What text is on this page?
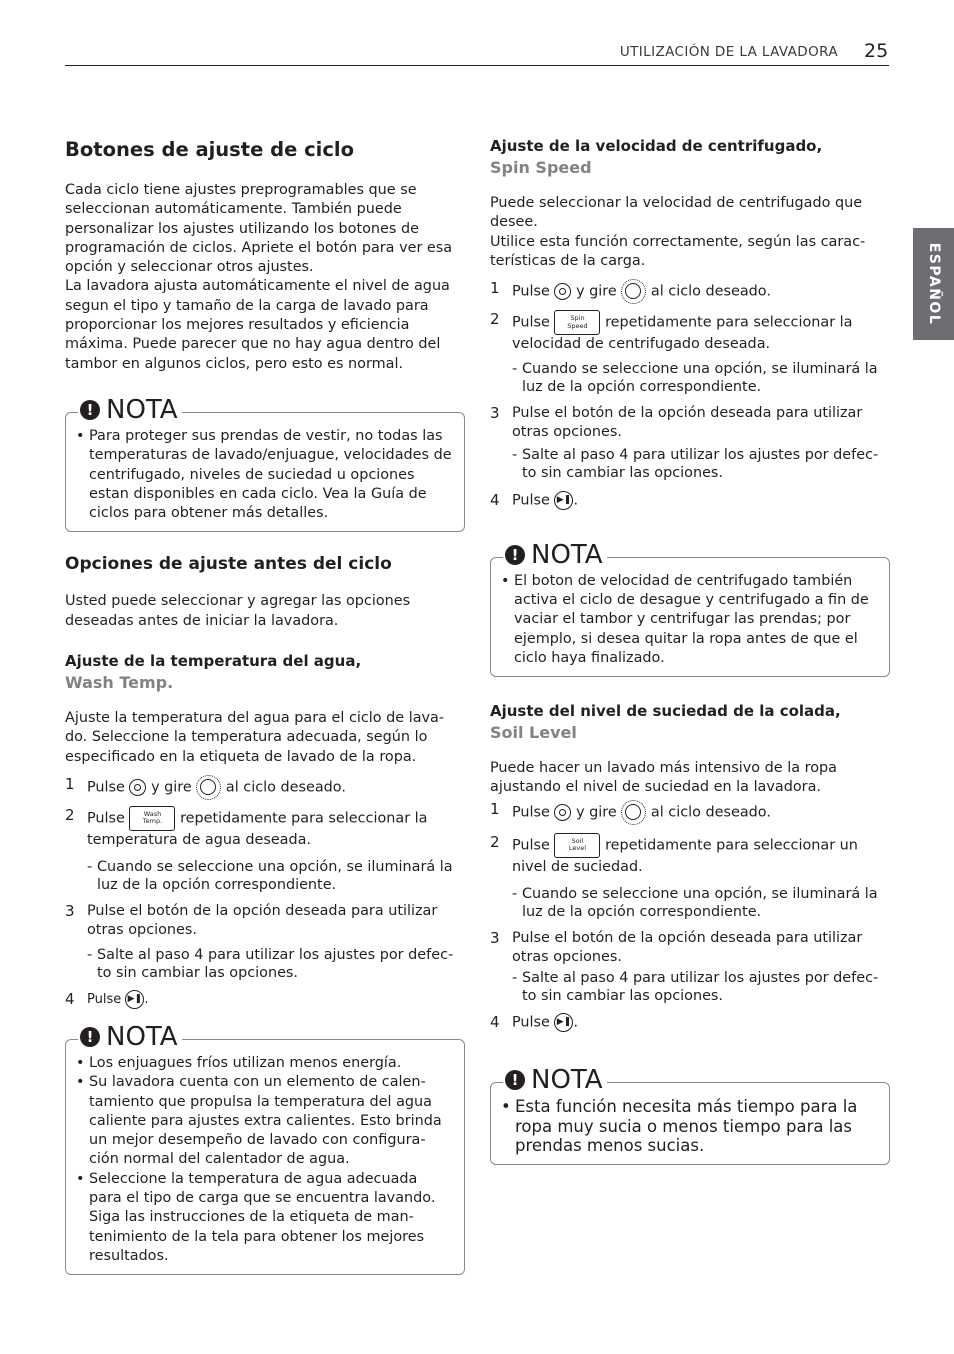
UTILIZACIÓN DE LA LAVADORA 25
ESPAÑOL
Botones de ajuste de ciclo

Cada ciclo tiene ajustes preprogramables que se seleccionan automáticamente. También puede personalizar los ajustes utilizando los botones de programación de ciclos. Apriete el botón para ver esa opción y seleccionar otros ajustes.

La lavadora ajusta automáticamente el nivel de agua segun el tipo y tamaño de la carga de lavado para proporcionar los mejores resultados y eficiencia máxima. Puede parecer que no hay agua dentro del tambor en algunos ciclos, pero esto es normal.

! NOTA
• Para proteger sus prendas de vestir, no todas las temperaturas de lavado/enjuague, velocidades de centrifugado, niveles de suciedad u opciones estan disponibles en cada ciclo. Vea la Guía de ciclos para obtener más detalles.
Opciones de ajuste antes del ciclo

Usted puede seleccionar y agregar las opciones deseadas antes de iniciar la lavadora.

Ajuste de la temperatura del agua,
Wash Temp.

Ajuste la temperatura del agua para el ciclo de lava-do. Seleccione la temperatura adecuada, según lo especificado en la etiqueta de lavado de la ropa.

1 Pulse y gire al ciclo deseado.
2 Pulse	Wash
Temp. repetidamente para seleccionar la temperatura de agua deseada.
- Cuando se seleccione una opción, se iluminará la luz de la opción correspondiente.
3 Pulse el botón de la opción deseada para utilizar otras opciones.
- Salte al paso 4 para utilizar los ajustes por defec-to sin cambiar las opciones.
4 Pulse ▶❚ .
! NOTA
• Los enjuagues fríos utilizan menos energía.
• Su lavadora cuenta con un elemento de calen-tamiento que propulsa la temperatura del agua caliente para ajustes extra calientes. Esto brinda un mejor desempeño de lavado con configura-ción normal del calentador de agua.
• Seleccione la temperatura de agua adecuada para el tipo de carga que se encuentra lavando. Siga las instrucciones de la etiqueta de man-tenimiento de la tela para obtener los mejores resultados.
Ajuste de la velocidad de centrifugado,
Spin Speed

Puede seleccionar la velocidad de centrifugado que desee.

Utilice esta función correctamente, según las carac-terísticas de la carga.

1 Pulse y gire al ciclo deseado.
2 Pulse	Spin
Speed repetidamente para seleccionar la velocidad de centrifugado deseada.
- Cuando se seleccione una opción, se iluminará la luz de la opción correspondiente.
3 Pulse el botón de la opción deseada para utilizar otras opciones.
- Salte al paso 4 para utilizar los ajustes por defec-to sin cambiar las opciones.
4 Pulse ▶❚ .
! NOTA
• El boton de velocidad de centrifugado también activa el ciclo de desague y centrifugado a fin de vaciar el tambor y centrifugar las prendas; por ejemplo, si desea quitar la ropa antes de que el ciclo haya finalizado.
Ajuste del nivel de suciedad de la colada,
Soil Level

Puede hacer un lavado más intensivo de la ropa ajustando el nivel de suciedad en la lavadora.

1 Pulse y gire al ciclo deseado.
2 Pulse	Soil
Level repetidamente para seleccionar un nivel de suciedad.
- Cuando se seleccione una opción, se iluminará la luz de la opción correspondiente.
3 Pulse el botón de la opción deseada para utilizar otras opciones.
- Salte al paso 4 para utilizar los ajustes por defec-to sin cambiar las opciones.
4 Pulse ▶❚ .
! NOTA
• Esta función necesita más tiempo para la ropa muy sucia o menos tiempo para las prendas menos sucias.
